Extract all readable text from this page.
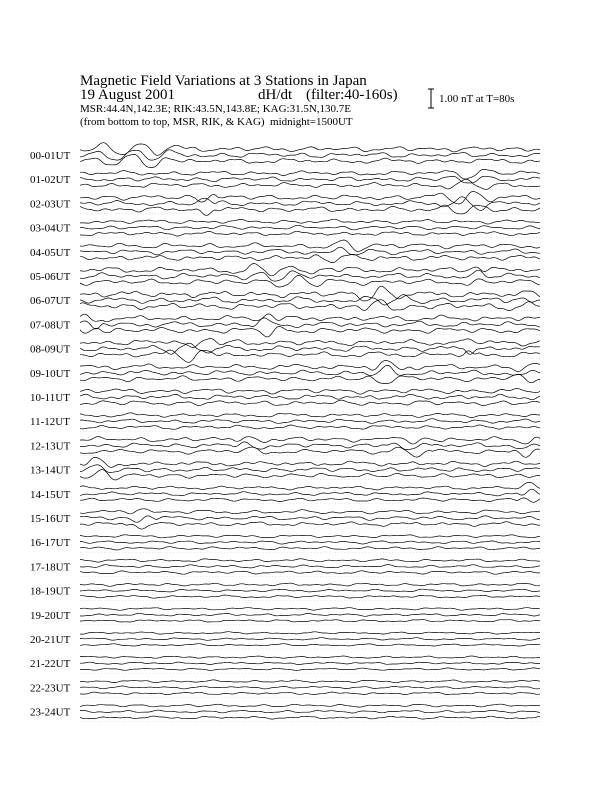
Magnetic Field Variations at 3 Stations in Japan

19 August 2001

	dH/dt

(filter:40-160s)

MSR:44.4N,142.3E; RIK:43.5N,143.8E; KAG:31.5N,130.7E
(from bottom to top, MSR, RIK, & KAG)  midnight=1500UT
1.00 nT at T=80s
00-01UT
01-02UT
02-03UT
03-04UT
04-05UT
05-06UT
06-07UT
07-08UT
08-09UT
09-10UT
10-11UT
11-12UT
12-13UT
13-14UT
14-15UT
15-16UT
16-17UT
17-18UT
18-19UT
19-20UT
20-21UT
21-22UT
22-23UT
23-24UT
